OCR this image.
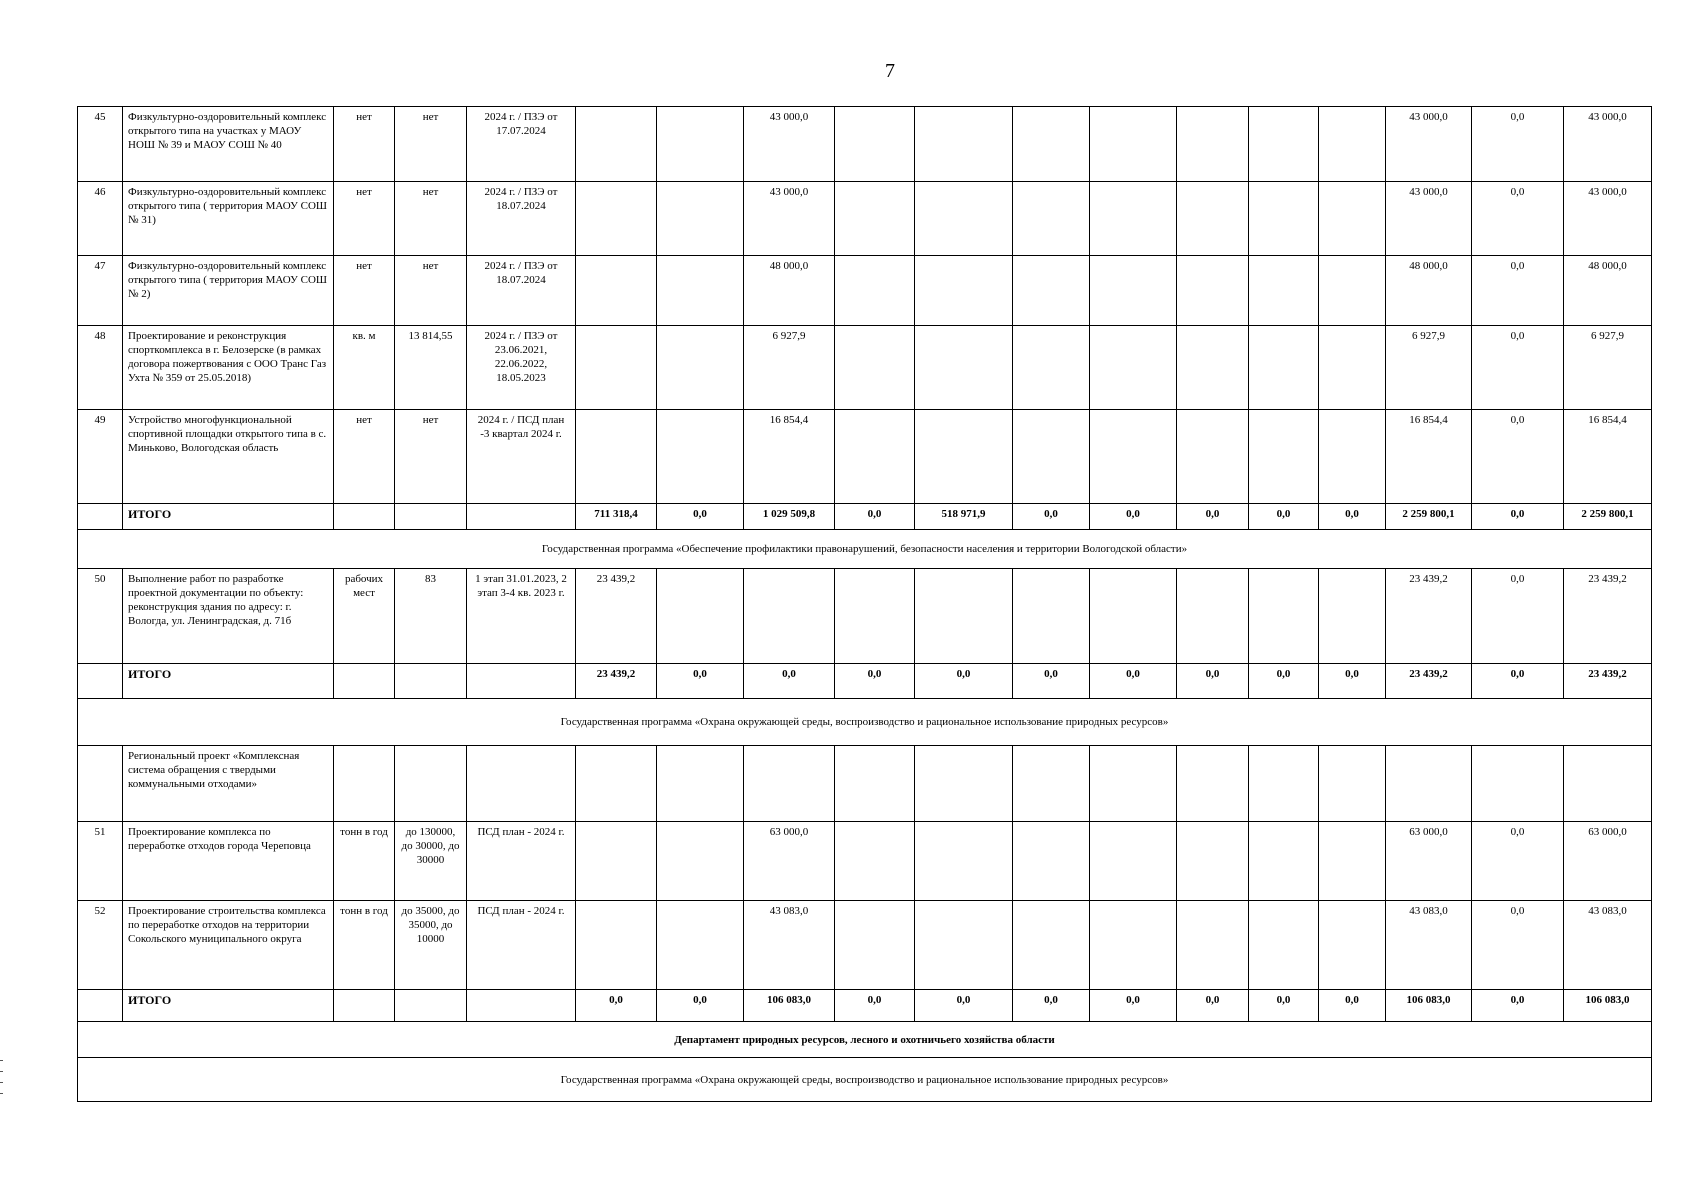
7
45	Физкультурно-оздоровительный комплекс открытого типа на участках у МАОУ НОШ № 39 и МАОУ СОШ № 40	нет	нет	2024 г. / ПЗЭ от 17.07.2024			43 000,0								43 000,0	0,0	43 000,0
46	Физкультурно-оздоровительный комплекс открытого типа ( территория МАОУ СОШ № 31)	нет	нет	2024 г. / ПЗЭ от 18.07.2024			43 000,0								43 000,0	0,0	43 000,0
47	Физкультурно-оздоровительный комплекс открытого типа ( территория МАОУ СОШ № 2)	нет	нет	2024 г. / ПЗЭ от 18.07.2024			48 000,0								48 000,0	0,0	48 000,0
48	Проектирование и реконструкция спорткомплекса в г. Белозерске (в рамках договора пожертвования с ООО Транс Газ Ухта № 359 от 25.05.2018)	кв. м	13 814,55	2024 г. / ПЗЭ от 23.06.2021, 22.06.2022, 18.05.2023			6 927,9								6 927,9	0,0	6 927,9
49	Устройство многофункциональной спортивной площадки открытого типа в с. Миньково, Вологодская область	нет	нет	2024 г. / ПСД план -3 квартал 2024 г.			16 854,4								16 854,4	0,0	16 854,4
	ИТОГО				711 318,4	0,0	1 029 509,8	0,0	518 971,9	0,0	0,0	0,0	0,0	0,0	2 259 800,1	0,0	2 259 800,1
Государственная программа «Обеспечение профилактики правонарушений, безопасности населения и территории Вологодской области»																	
50	Выполнение работ по разработке проектной документации по объекту: реконструкция здания по адресу: г. Вологда, ул. Ленинградская, д. 71б	рабочих мест	83	1 этап 31.01.2023, 2 этап 3-4 кв. 2023 г.	23 439,2										23 439,2	0,0	23 439,2
	ИТОГО				23 439,2	0,0	0,0	0,0	0,0	0,0	0,0	0,0	0,0	0,0	23 439,2	0,0	23 439,2
Государственная программа «Охрана окружающей среды, воспроизводство и рациональное использование природных ресурсов»																	
	Региональный проект «Комплексная система обращения с твердыми коммунальными отходами»																
51	Проектирование комплекса по переработке отходов города Череповца	тонн в год	до 130000, до 30000, до 30000	ПСД план - 2024 г.			63 000,0								63 000,0	0,0	63 000,0
52	Проектирование строительства комплекса по переработке отходов на территории Сокольского муниципального округа	тонн в год	до 35000, до 35000, до 10000	ПСД план - 2024 г.			43 083,0								43 083,0	0,0	43 083,0
	ИТОГО				0,0	0,0	106 083,0	0,0	0,0	0,0	0,0	0,0	0,0	0,0	106 083,0	0,0	106 083,0
Департамент природных ресурсов, лесного и охотничьего хозяйства области																	
Государственная программа «Охрана окружающей среды, воспроизводство и рациональное использование природных ресурсов»																	
